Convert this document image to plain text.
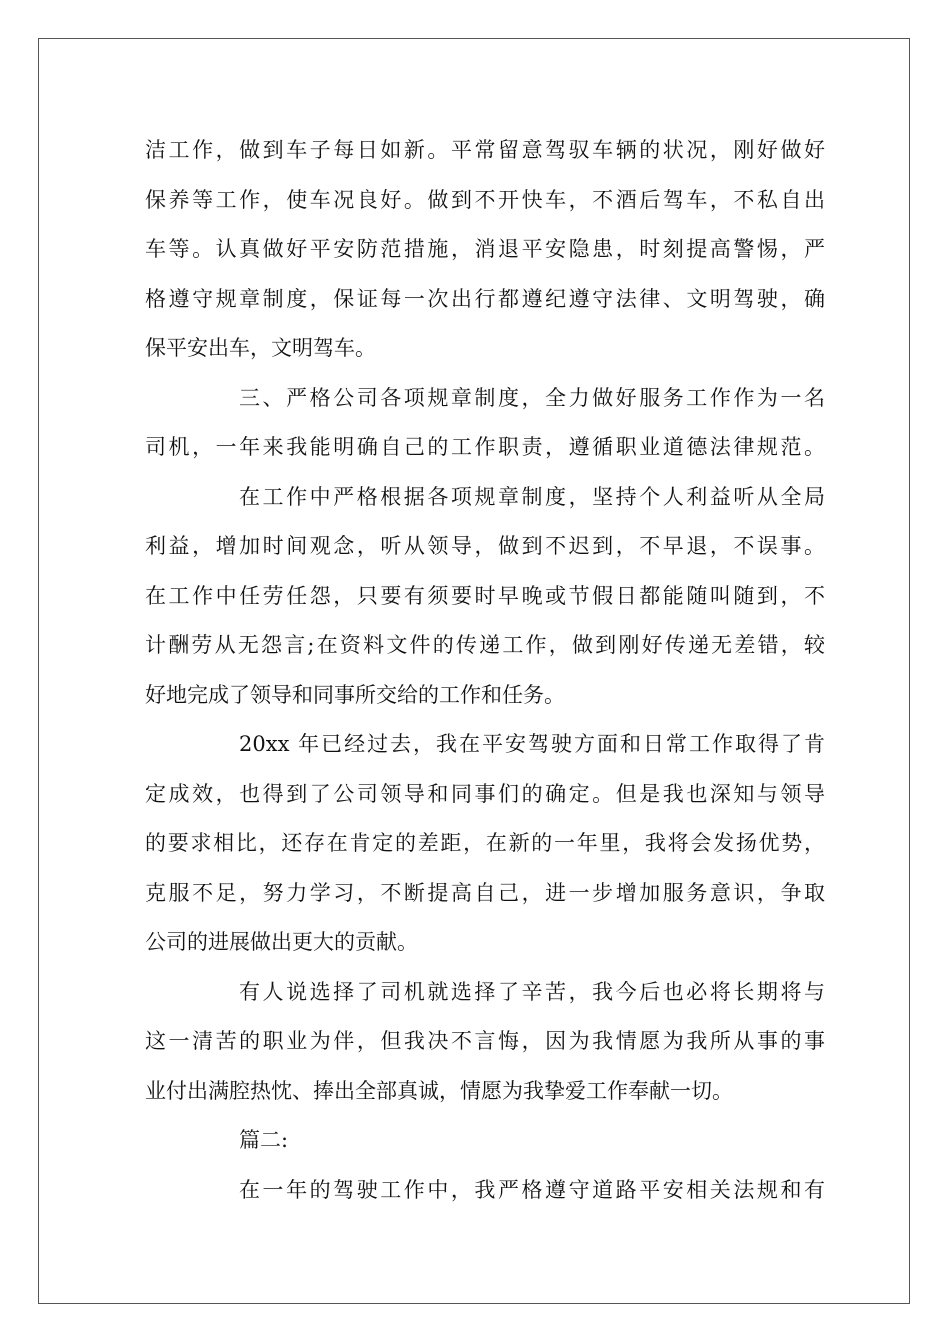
洁工作，做到车子每日如新。平常留意驾驭车辆的状况，刚好做好
保养等工作，使车况良好。做到不开快车，不酒后驾车，不私自出
车等。认真做好平安防范措施，消退平安隐患，时刻提高警惕，严
格遵守规章制度，保证每一次出行都遵纪遵守法律、文明驾驶，确
保平安出车，文明驾车。
三、严格公司各项规章制度，全力做好服务工作作为一名
司机，一年来我能明确自己的工作职责，遵循职业道德法律规范。
在工作中严格根据各项规章制度，坚持个人利益听从全局
利益，增加时间观念，听从领导，做到不迟到，不早退，不误事。
在工作中任劳任怨，只要有须要时早晚或节假日都能随叫随到，不
计酬劳从无怨言;在资料文件的传递工作，做到刚好传递无差错，较
好地完成了领导和同事所交给的工作和任务。
20xx 年已经过去，我在平安驾驶方面和日常工作取得了肯
定成效，也得到了公司领导和同事们的确定。但是我也深知与领导
的要求相比，还存在肯定的差距，在新的一年里，我将会发扬优势，
克服不足，努力学习，不断提高自己，进一步增加服务意识，争取
公司的进展做出更大的贡献。
有人说选择了司机就选择了辛苦，我今后也必将长期将与
这一清苦的职业为伴，但我决不言悔，因为我情愿为我所从事的事
业付出满腔热忱、捧出全部真诚，情愿为我挚爱工作奉献一切。
篇二:
在一年的驾驶工作中，我严格遵守道路平安相关法规和有
